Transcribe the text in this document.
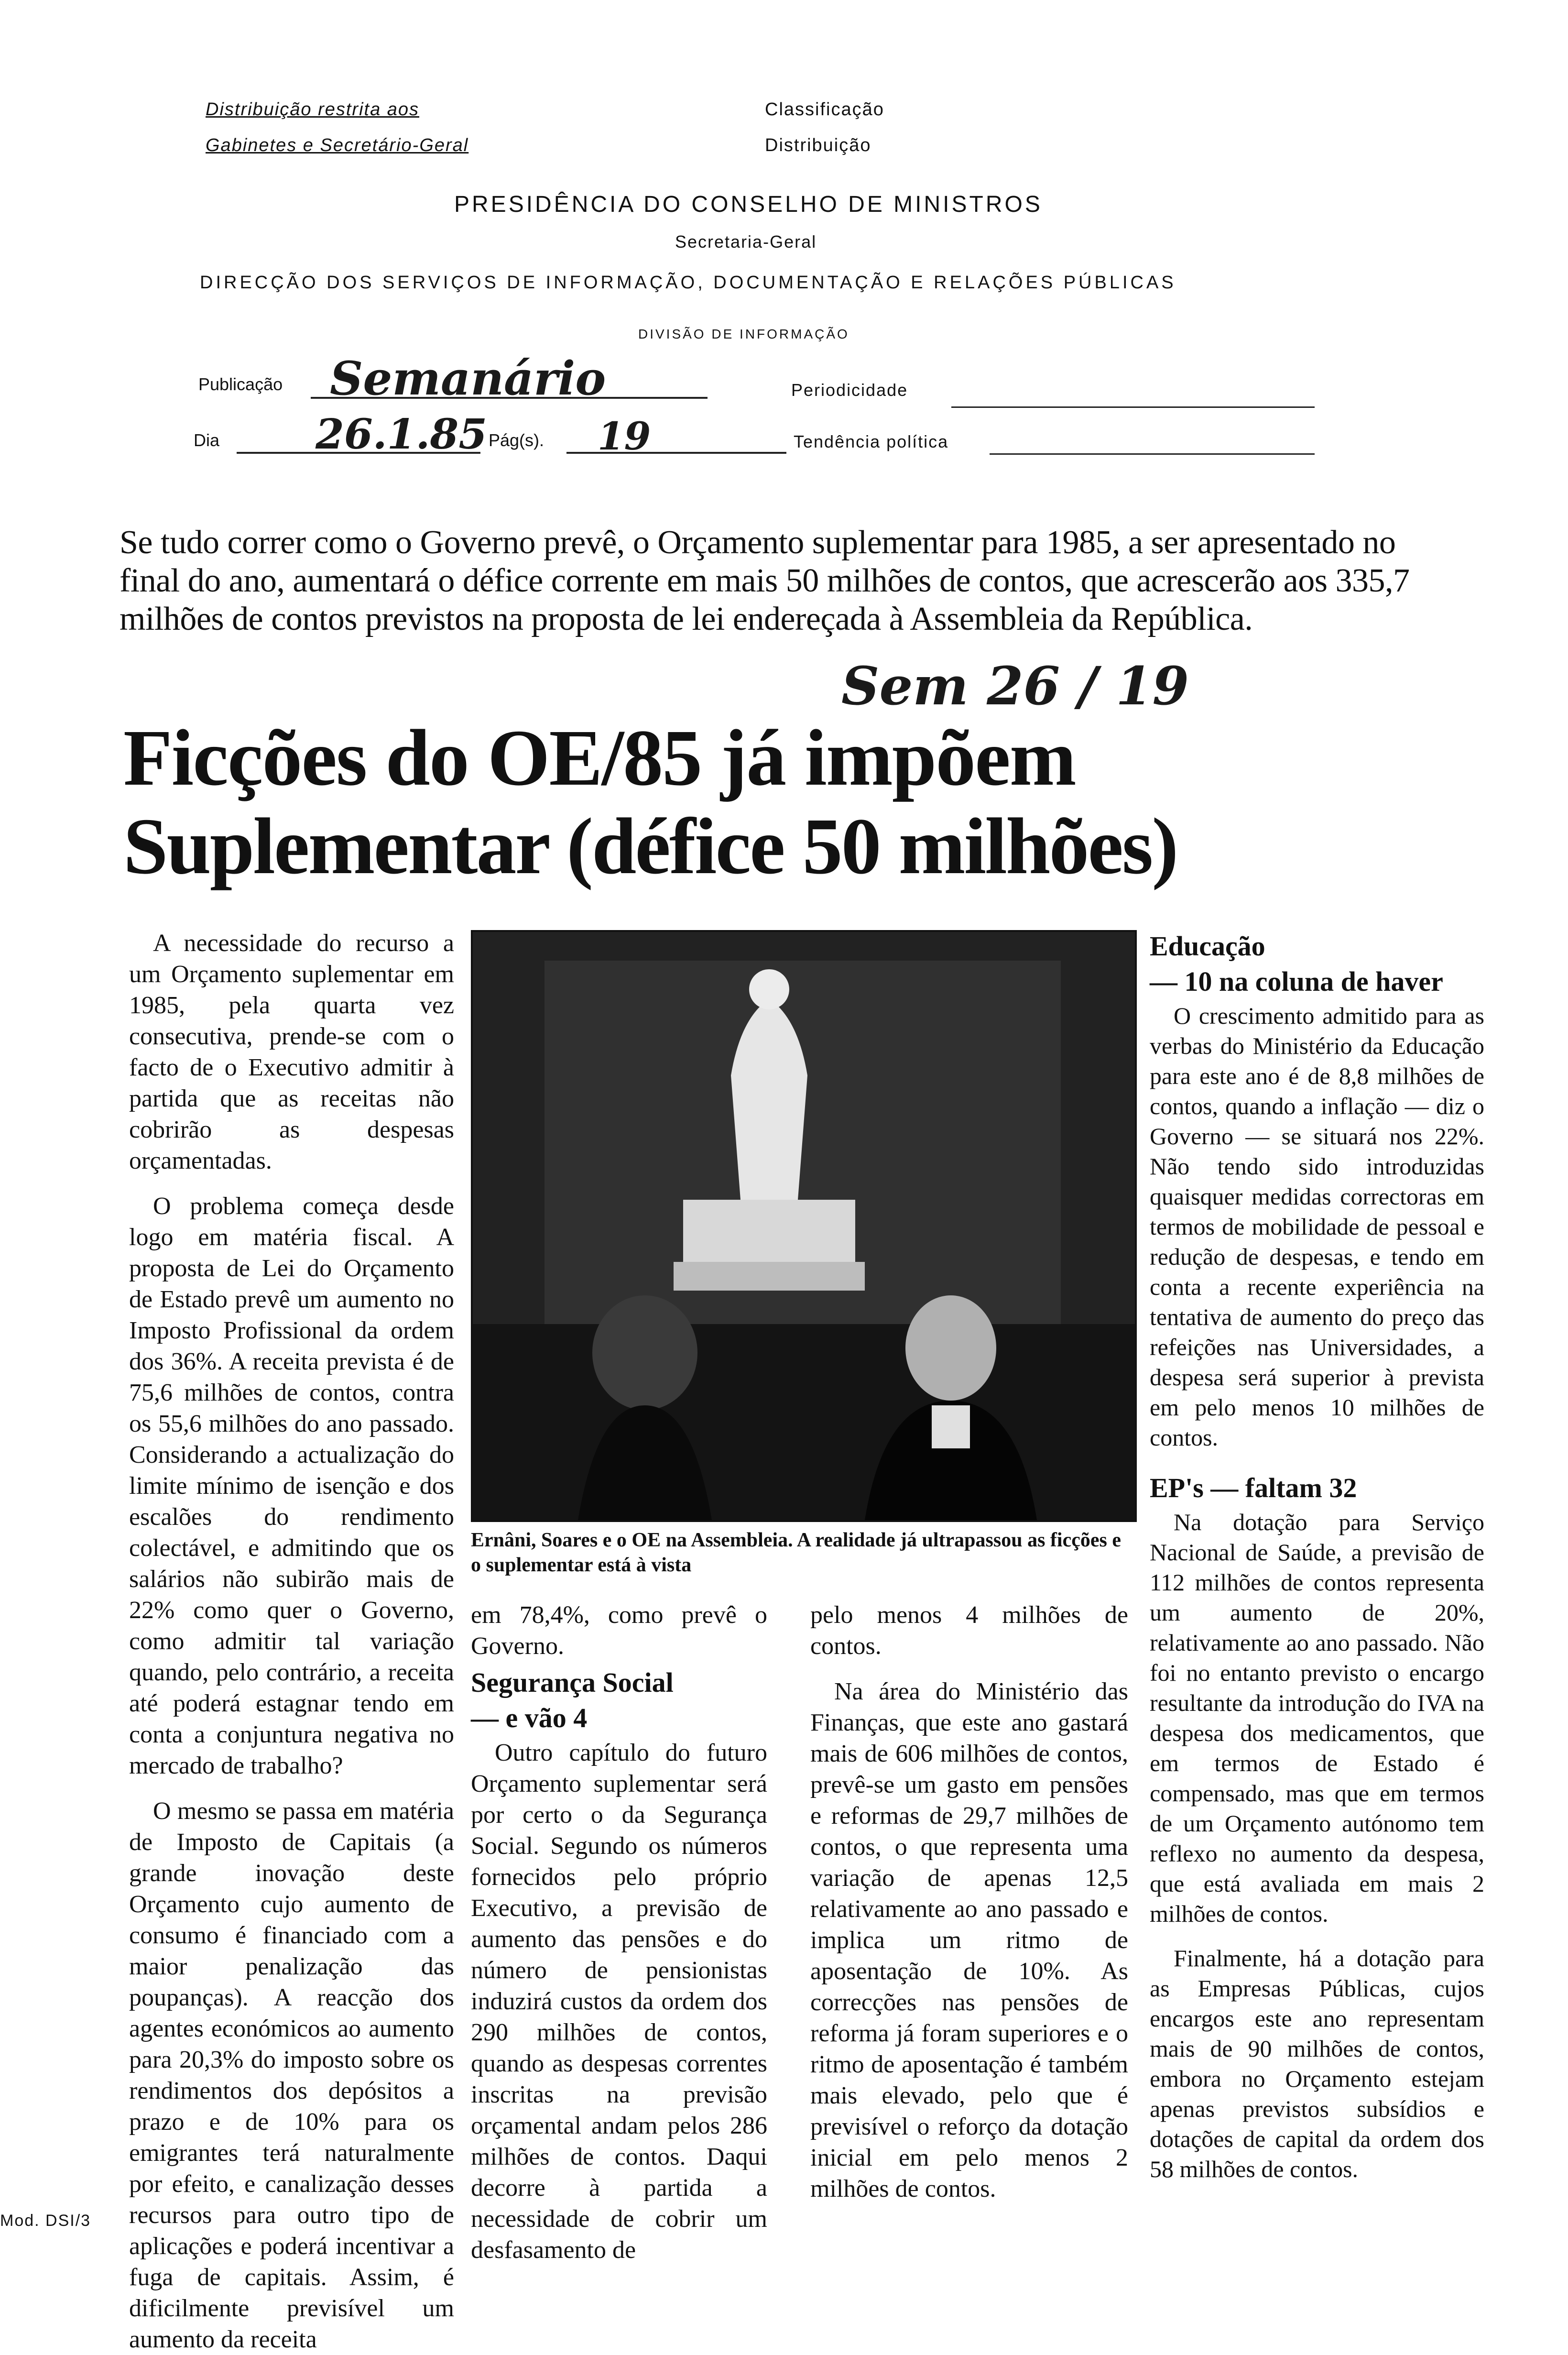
Distribuição restrita aos
Gabinetes e Secretário-Geral
Classificação
Distribuição
PRESIDÊNCIA DO CONSELHO DE MINISTROS
Secretaria-Geral
DIRECÇÃO DOS SERVIÇOS DE INFORMAÇÃO, DOCUMENTAÇÃO E RELAÇÕES PÚBLICAS
DIVISÃO DE INFORMAÇÃO
Publicação Semanário	Periodicidade
Dia 26.1.85 Pág(s). 19	Tendência política
Se tudo correr como o Governo prevê, o Orçamento suplementar para 1985, a ser apresentado no final do ano, aumentará o défice corrente em mais 50 milhões de contos, que acrescerão aos 335,7 milhões de contos previstos na proposta de lei endereçada à Assembleia da República.
Sem 26 / 19
Ficções do OE/85 já impõem
Suplementar (défice 50 milhões)

A necessidade do recurso a um Orçamento suplementar em 1985, pela quarta vez consecutiva, prende-se com o facto de o Executivo admitir à partida que as receitas não cobrirão as despesas orçamentadas.

O problema começa desde logo em matéria fiscal. A proposta de Lei do Orçamento de Estado prevê um aumento no Imposto Profissional da ordem dos 36%. A receita prevista é de 75,6 milhões de contos, contra os 55,6 milhões do ano passado. Considerando a actualização do limite mínimo de isenção e dos escalões do rendimento colectável, e admitindo que os salários não subirão mais de 22% como quer o Governo, como admitir tal variação quando, pelo contrário, a receita até poderá estagnar tendo em conta a conjuntura negativa no mercado de trabalho?

O mesmo se passa em matéria de Imposto de Capitais (a grande inovação deste Orçamento cujo aumento de consumo é financiado com a maior penalização das poupanças). A reacção dos agentes económicos ao aumento para 20,3% do imposto sobre os rendimentos dos depósitos a prazo e de 10% para os emigrantes terá naturalmente por efeito, e canalização desses recursos para outro tipo de aplicações e poderá incentivar a fuga de capitais. Assim, é dificilmente previsível um aumento da receita

Ernâni, Soares e o OE na Assembleia. A realidade já ultrapassou as ficções e o suplementar está à vista

em 78,4%, como prevê o Governo.

Segurança Social
— e vão 4

Outro capítulo do futuro Orçamento suplementar será por certo o da Segurança Social. Segundo os números fornecidos pelo próprio Executivo, a previsão de aumento das pensões e do número de pensionistas induzirá custos da ordem dos 290 milhões de contos, quando as despesas correntes inscritas na previsão orçamental andam pelos 286 milhões de contos. Daqui decorre à partida a necessidade de cobrir um desfasamento de

pelo menos 4 milhões de contos.

Na área do Ministério das Finanças, que este ano gastará mais de 606 milhões de contos, prevê-se um gasto em pensões e reformas de 29,7 milhões de contos, o que representa uma variação de apenas 12,5 relativamente ao ano passado e implica um ritmo de aposentação de 10%. As correcções nas pensões de reforma já foram superiores e o ritmo de aposentação é também mais elevado, pelo que é previsível o reforço da dotação inicial em pelo menos 2 milhões de contos.

Educação
— 10 na coluna de haver

O crescimento admitido para as verbas do Ministério da Educação para este ano é de 8,8 milhões de contos, quando a inflação — diz o Governo — se situará nos 22%. Não tendo sido introduzidas quaisquer medidas correctoras em termos de mobilidade de pessoal e redução de despesas, e tendo em conta a recente experiência na tentativa de aumento do preço das refeições nas Universidades, a despesa será superior à prevista em pelo menos 10 milhões de contos.

EP's — faltam 32

Na dotação para Serviço Nacional de Saúde, a previsão de 112 milhões de contos representa um aumento de 20%, relativamente ao ano passado. Não foi no entanto previsto o encargo resultante da introdução do IVA na despesa dos medicamentos, que em termos de Estado é compensado, mas que em termos de um Orçamento autónomo tem reflexo no aumento da despesa, que está avaliada em mais 2 milhões de contos.

Finalmente, há a dotação para as Empresas Públicas, cujos encargos este ano representam mais de 90 milhões de contos, embora no Orçamento estejam apenas previstos subsídios e dotações de capital da ordem dos 58 milhões de contos.

Mod. DSI/3
